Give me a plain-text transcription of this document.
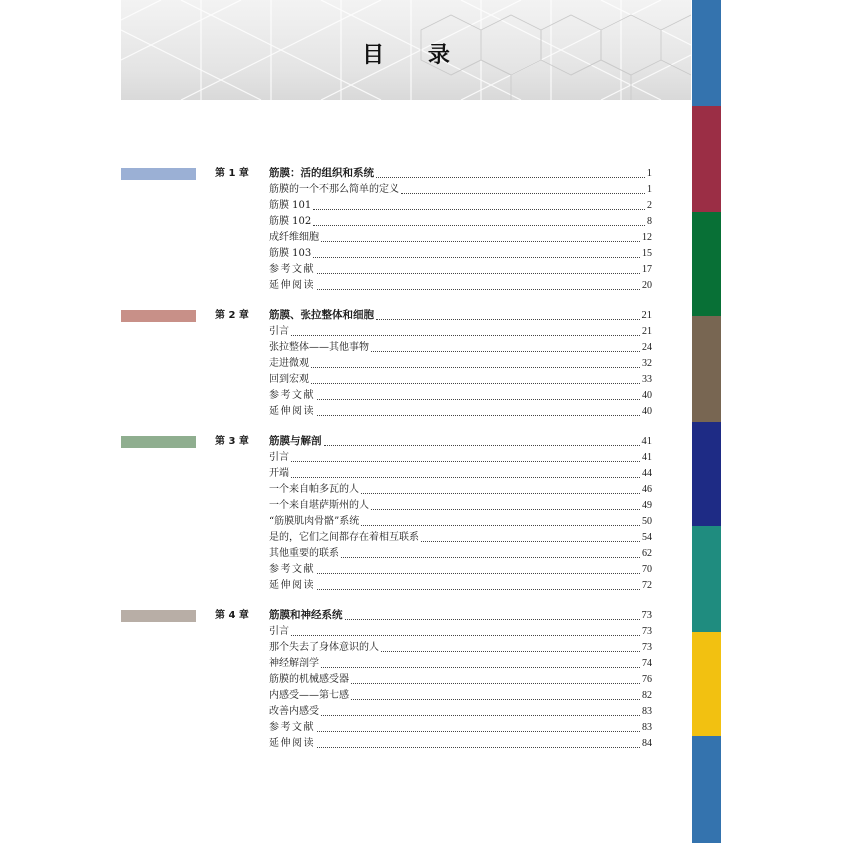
目 录
第 1 章	筋膜：活的组织和系统	1
筋膜的一个不那么简单的定义	1
筋膜 101	2
筋膜 102	8
成纤维细胞	12
筋膜 103	15
参考文献	17
延伸阅读	20
第 2 章	筋膜、张拉整体和细胞	21
引言	21
张拉整体——其他事物	24
走进微观	32
回到宏观	33
参考文献	40
延伸阅读	40
第 3 章	筋膜与解剖	41
引言	41
开端	44
一个来自帕多瓦的人	46
一个来自堪萨斯州的人	49
“筋膜肌肉骨骼”系统	50
是的，它们之间都存在着相互联系	54
其他重要的联系	62
参考文献	70
延伸阅读	72
第 4 章	筋膜和神经系统	73
引言	73
那个失去了身体意识的人	73
神经解剖学	74
筋膜的机械感受器	76
内感受——第七感	82
改善内感受	83
参考文献	83
延伸阅读	84
